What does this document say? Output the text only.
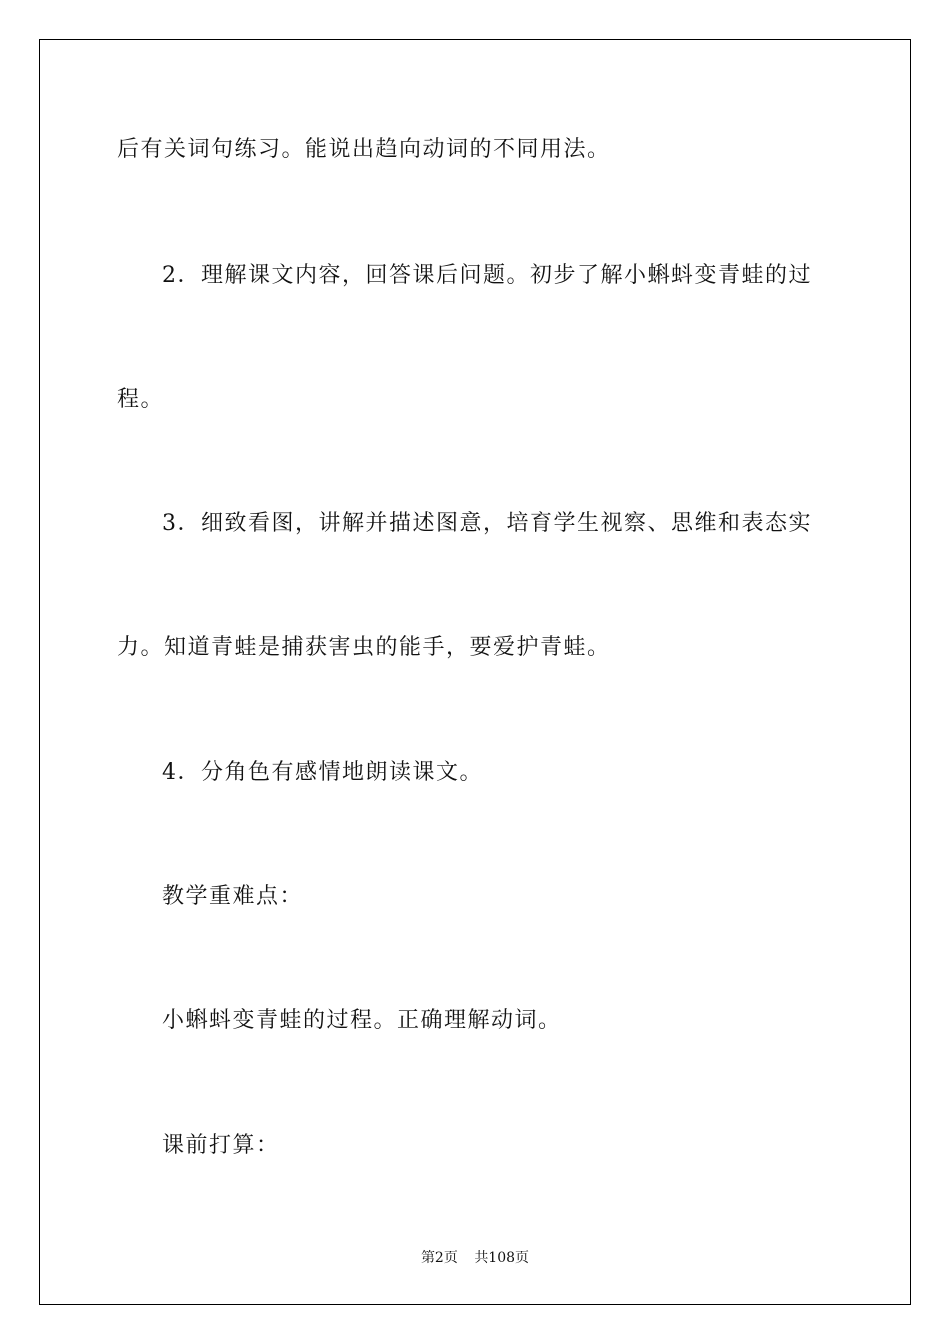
后有关词句练习。能说出趋向动词的不同用法。
2．理解课文内容，回答课后问题。初步了解小蝌蚪变青蛙的过
程。
3．细致看图，讲解并描述图意，培育学生视察、思维和表态实
力。知道青蛙是捕获害虫的能手，要爱护青蛙。
4．分角色有感情地朗读课文。
教学重难点：
小蝌蚪变青蛙的过程。正确理解动词。
课前打算：
第2页 共108页
